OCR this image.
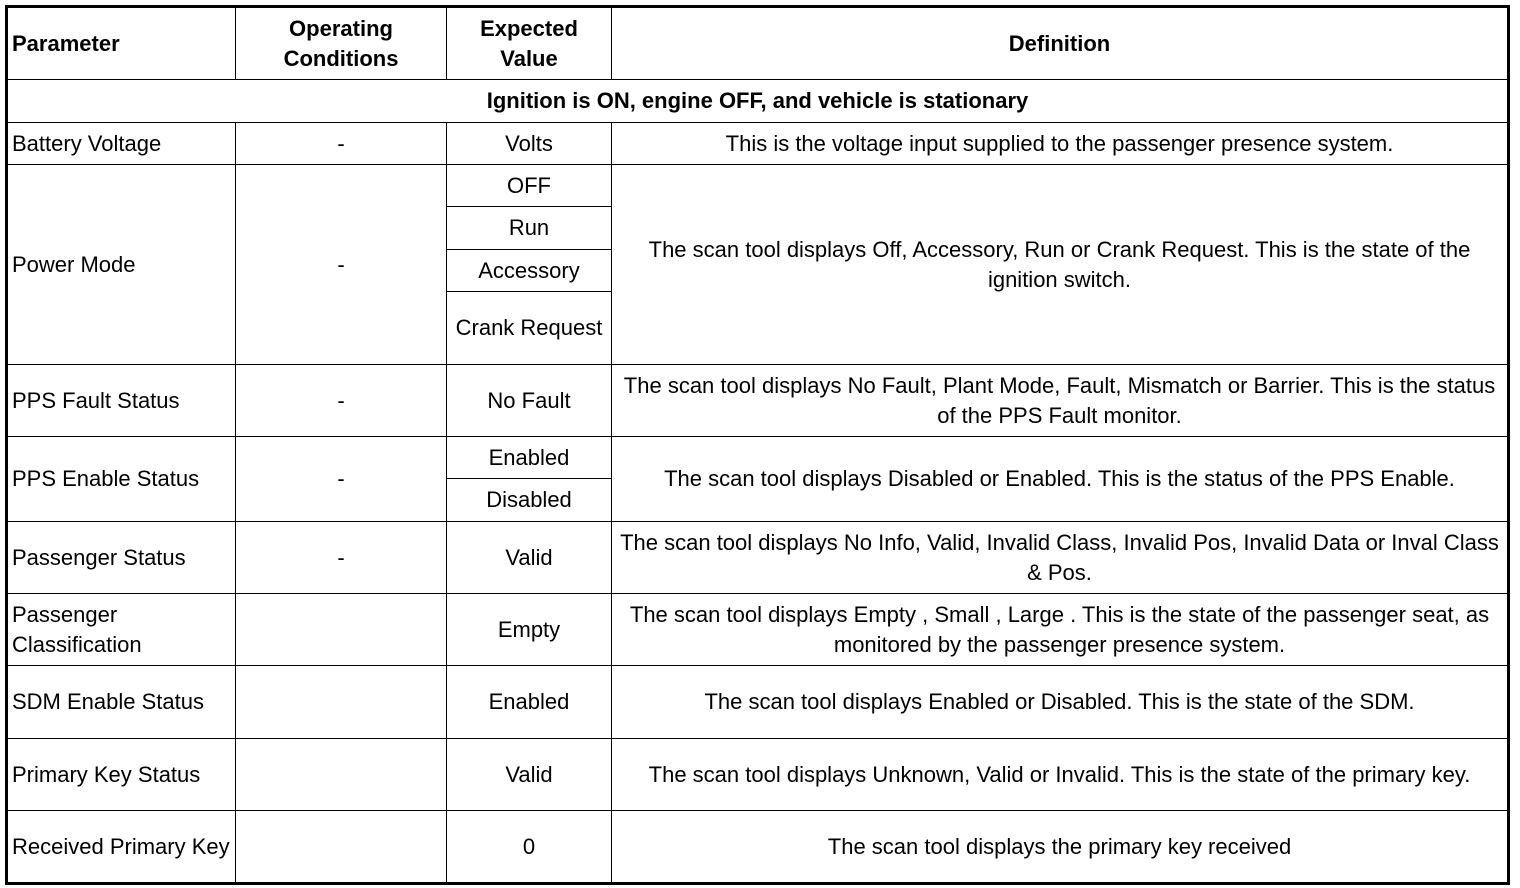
Parameter	Operating Conditions	Expected Value	Definition
Ignition is ON, engine OFF, and vehicle is stationary			
Battery Voltage	-	Volts	This is the voltage input supplied to the passenger presence system.
Power Mode	-	OFF	The scan tool displays Off, Accessory, Run or Crank Request. This is the state of the ignition switch.
		Run	
		Accessory	
		Crank Request	
PPS Fault Status	-	No Fault	The scan tool displays No Fault, Plant Mode, Fault, Mismatch or Barrier. This is the status of the PPS Fault monitor.
PPS Enable Status	-	Enabled	The scan tool displays Disabled or Enabled. This is the status of the PPS Enable.
		Disabled	
Passenger Status	-	Valid	The scan tool displays No Info, Valid, Invalid Class, Invalid Pos, Invalid Data or Inval Class & Pos.
Passenger Classification		Empty	The scan tool displays Empty , Small , Large . This is the state of the passenger seat, as monitored by the passenger presence system.
SDM Enable Status		Enabled	The scan tool displays Enabled or Disabled. This is the state of the SDM.
Primary Key Status		Valid	The scan tool displays Unknown, Valid or Invalid. This is the state of the primary key.
Received Primary Key		0	The scan tool displays the primary key received
